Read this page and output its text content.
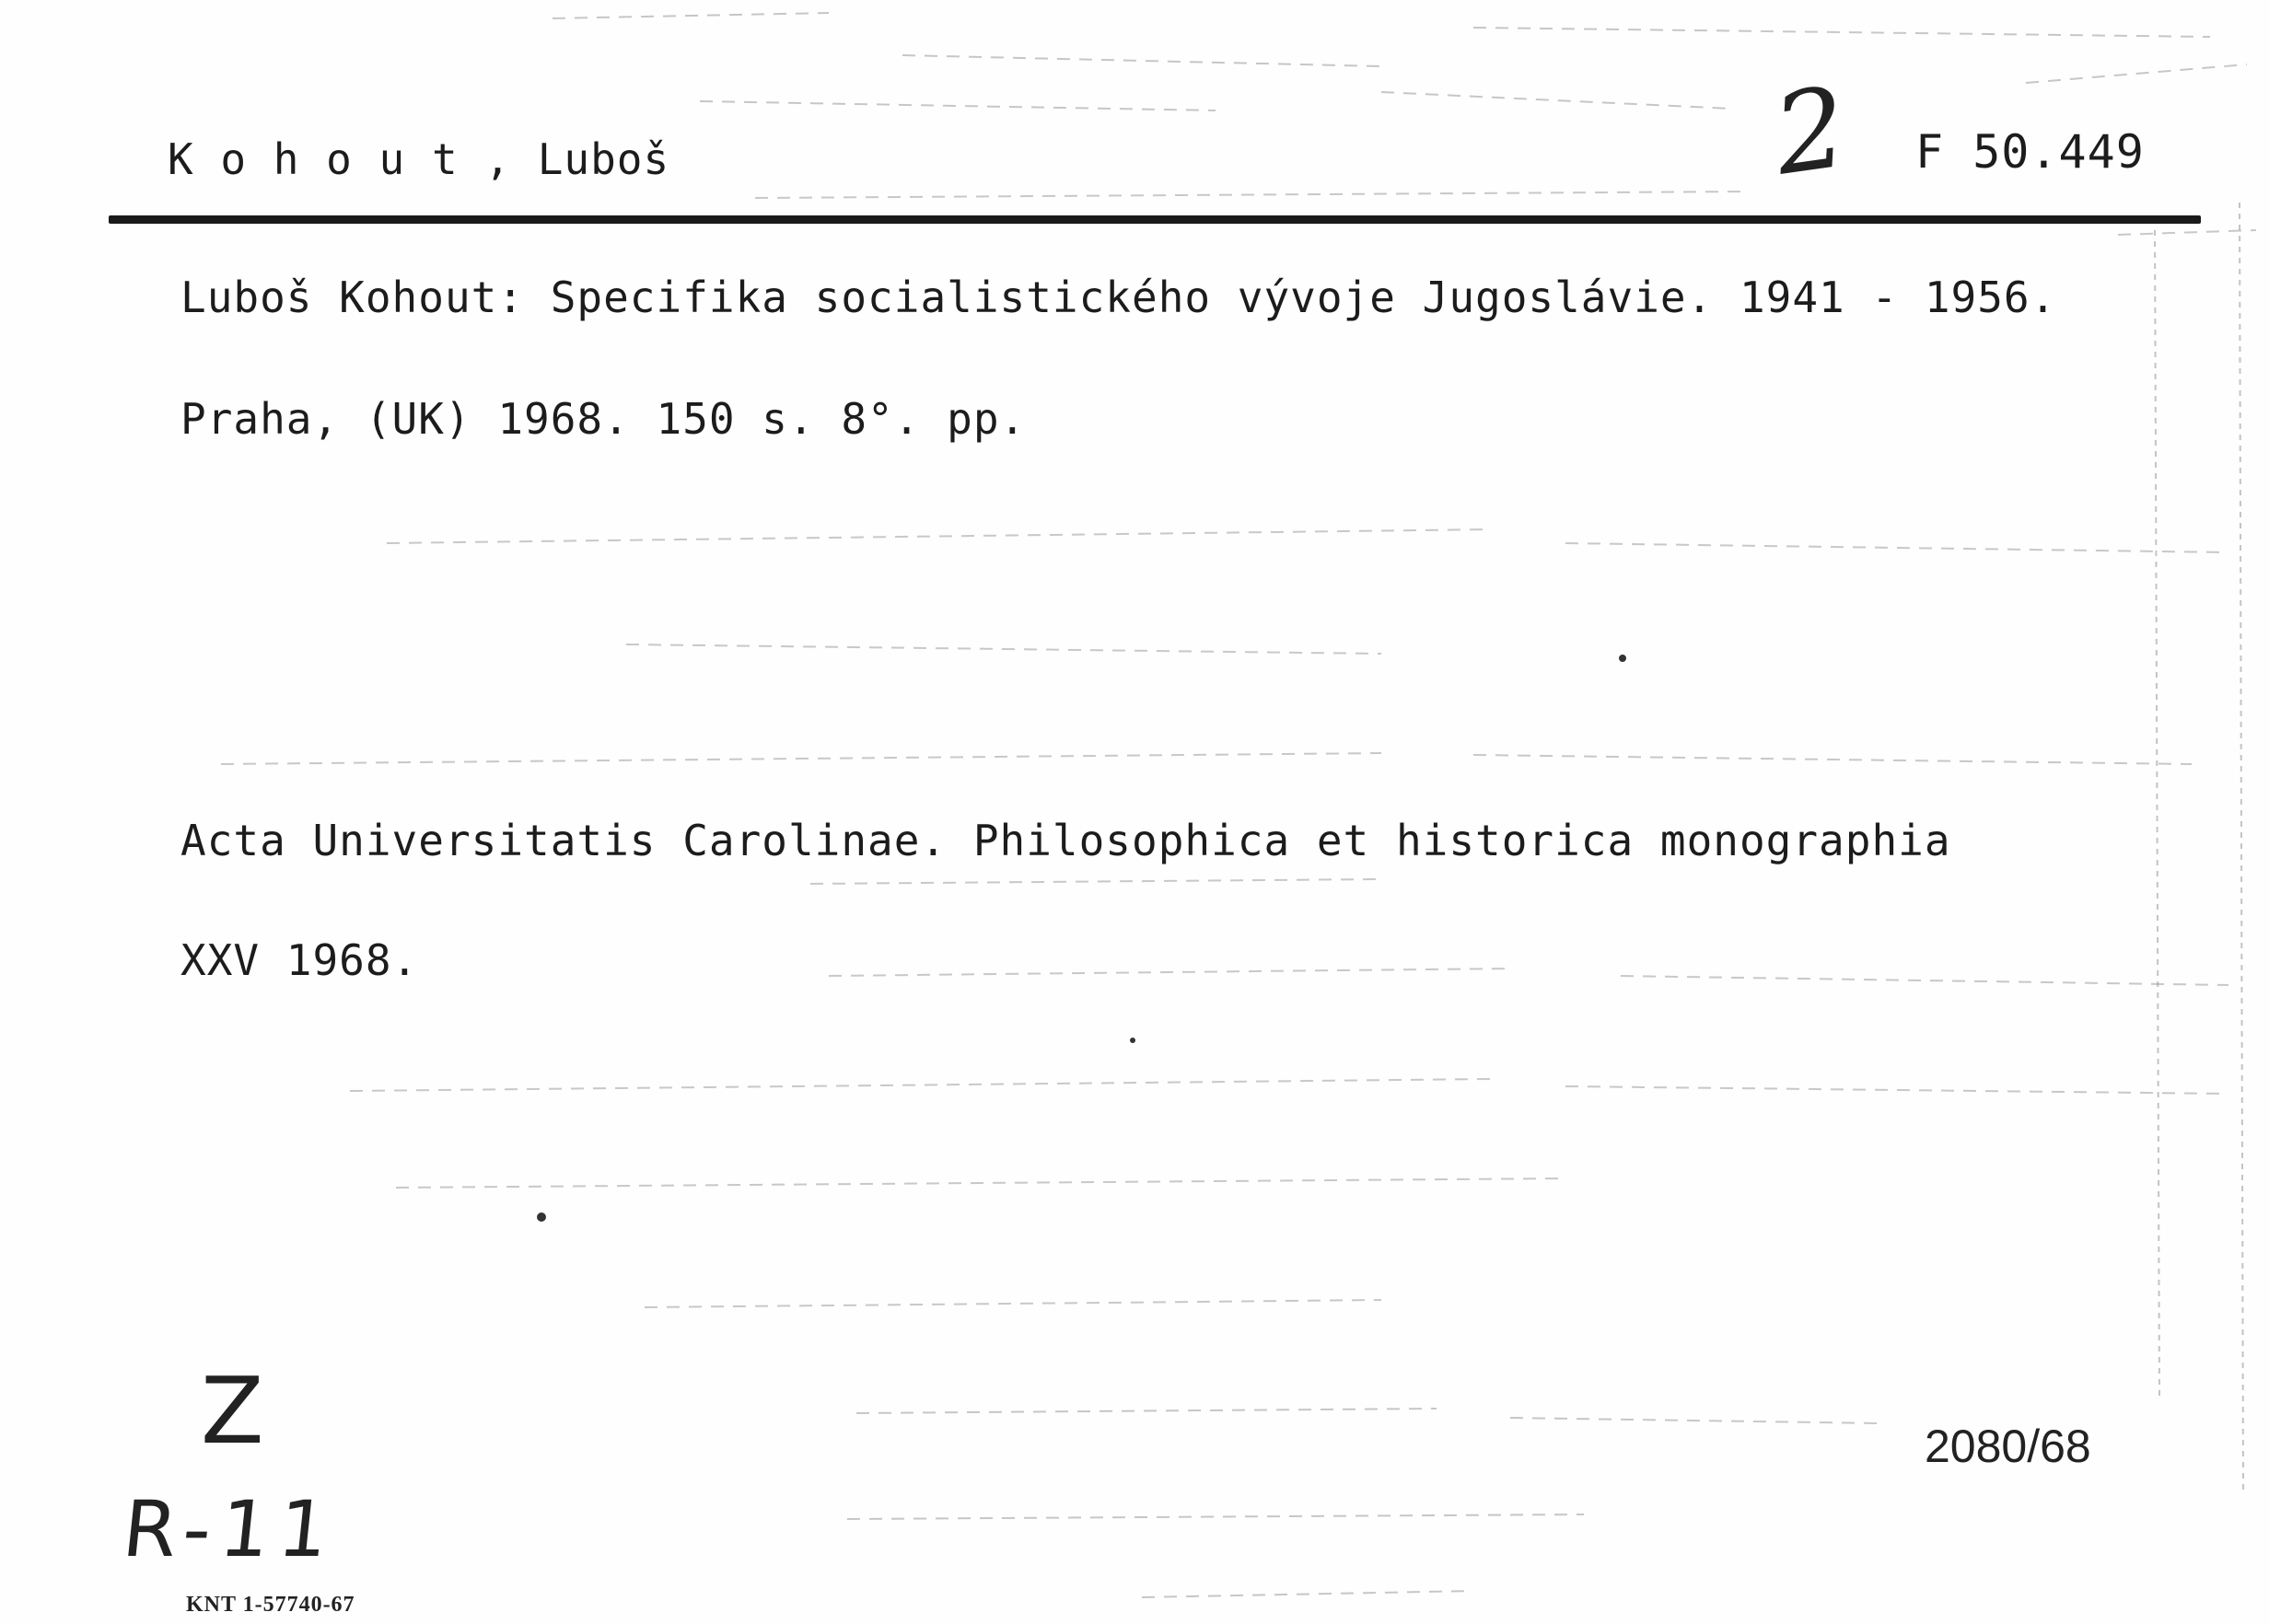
K o h o u t , Luboš	2 F 50.449
Luboš Kohout: Specifika socialistického vývoje Jugoslávie. 1941 - 1956.
Praha, (UK) 1968. 150 s. 8°. pp.
Acta Universitatis Carolinae. Philosophica et historica monographia
XXV 1968.
Z
R-11
2080/68
KNT 1-57740-67
